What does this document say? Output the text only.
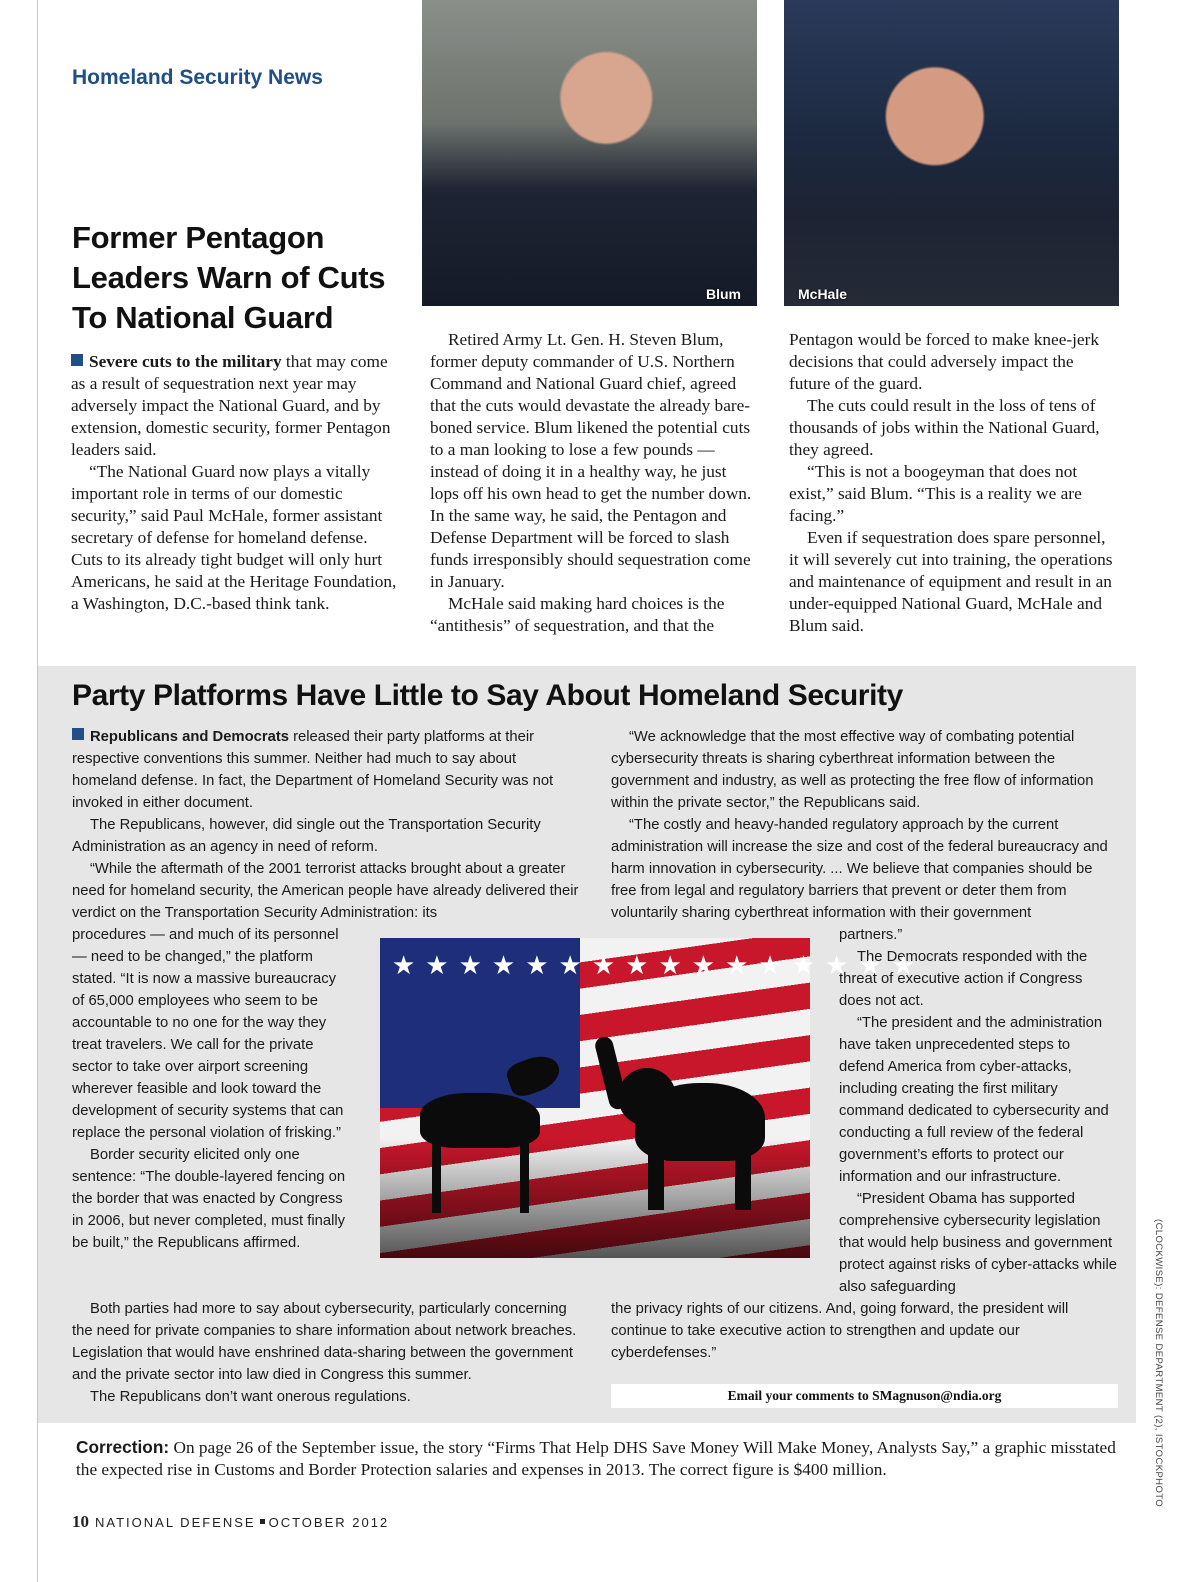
Homeland Security News
Blum	McHale
Former Pentagon Leaders Warn of Cuts To National Guard

Severe cuts to the military that may come as a result of sequestration next year may adversely impact the National Guard, and by extension, domestic security, former Pentagon leaders said.

“The National Guard now plays a vitally important role in terms of our domestic security,” said Paul McHale, former assistant secretary of defense for homeland defense. Cuts to its already tight budget will only hurt Americans, he said at the Heritage Foundation, a Washington, D.C.-based think tank.

Retired Army Lt. Gen. H. Steven Blum, former deputy commander of U.S. Northern Command and National Guard chief, agreed that the cuts would devastate the already bare-boned service. Blum likened the potential cuts to a man looking to lose a few pounds — instead of doing it in a healthy way, he just lops off his own head to get the number down. In the same way, he said, the Pentagon and Defense Department will be forced to slash funds irresponsibly should sequestration come in January.

McHale said making hard choices is the “antithesis” of sequestration, and that the

Pentagon would be forced to make knee-jerk decisions that could adversely impact the future of the guard.

The cuts could result in the loss of tens of thousands of jobs within the National Guard, they agreed.

“This is not a boogeyman that does not exist,” said Blum. “This is a reality we are facing.”

Even if sequestration does spare personnel, it will severely cut into training, the operations and maintenance of equipment and result in an under-equipped National Guard, McHale and Blum said.

Party Platforms Have Little to Say About Homeland Security

Republicans and Democrats released their party platforms at their respective conventions this summer. Neither had much to say about homeland defense. In fact, the Department of Homeland Security was not invoked in either document.

The Republicans, however, did single out the Transportation Security Administration as an agency in need of reform.

“While the aftermath of the 2001 terrorist attacks brought about a greater need for homeland security, the American people have already delivered their verdict on the Transportation Security Administration: its

procedures — and much of its personnel — need to be changed,” the platform stated. “It is now a massive bureaucracy of 65,000 employees who seem to be accountable to no one for the way they treat travelers. We call for the private sector to take over airport screening wherever feasible and look toward the development of security systems that can replace the personal violation of frisking.”

Border security elicited only one sentence: “The double-layered fencing on the border that was enacted by Congress in 2006, but never completed, must finally be built,” the Republicans affirmed.

Both parties had more to say about cybersecurity, particularly concerning the need for private companies to share information about network breaches. Legislation that would have enshrined data-sharing between the government and the private sector into law died in Congress this summer.

The Republicans don’t want onerous regulations.

“We acknowledge that the most effective way of combating potential cybersecurity threats is sharing cyberthreat information between the government and industry, as well as protecting the free flow of information within the private sector,” the Republicans said.

“The costly and heavy-handed regulatory approach by the current administration will increase the size and cost of the federal bureaucracy and harm innovation in cybersecurity. ... We believe that companies should be free from legal and regulatory barriers that prevent or deter them from voluntarily sharing cyberthreat information with their government

partners.”

The Democrats responded with the threat of executive action if Congress does not act.

“The president and the administration have taken unprecedented steps to defend America from cyber-attacks, including creating the first military command dedicated to cybersecurity and conducting a full review of the federal government’s efforts to protect our information and our infrastructure.

“President Obama has supported comprehensive cybersecurity legislation that would help business and government protect against risks of cyber-attacks while also safeguarding

the privacy rights of our citizens. And, going forward, the president will continue to take executive action to strengthen and update our cyberdefenses.”

★★★★★★★★★★★★★★★★
Email your comments to SMagnuson@ndia.org
Correction: On page 26 of the September issue, the story “Firms That Help DHS Save Money Will Make Money, Analysts Say,” a graphic misstated the expected rise in Customs and Border Protection salaries and expenses in 2013. The correct figure is $400 million.	(CLOCKWISE): DEFENSE DEPARTMENT (2), ISTOCKPHOTO
10 NATIONAL DEFENSE OCTOBER 2012
